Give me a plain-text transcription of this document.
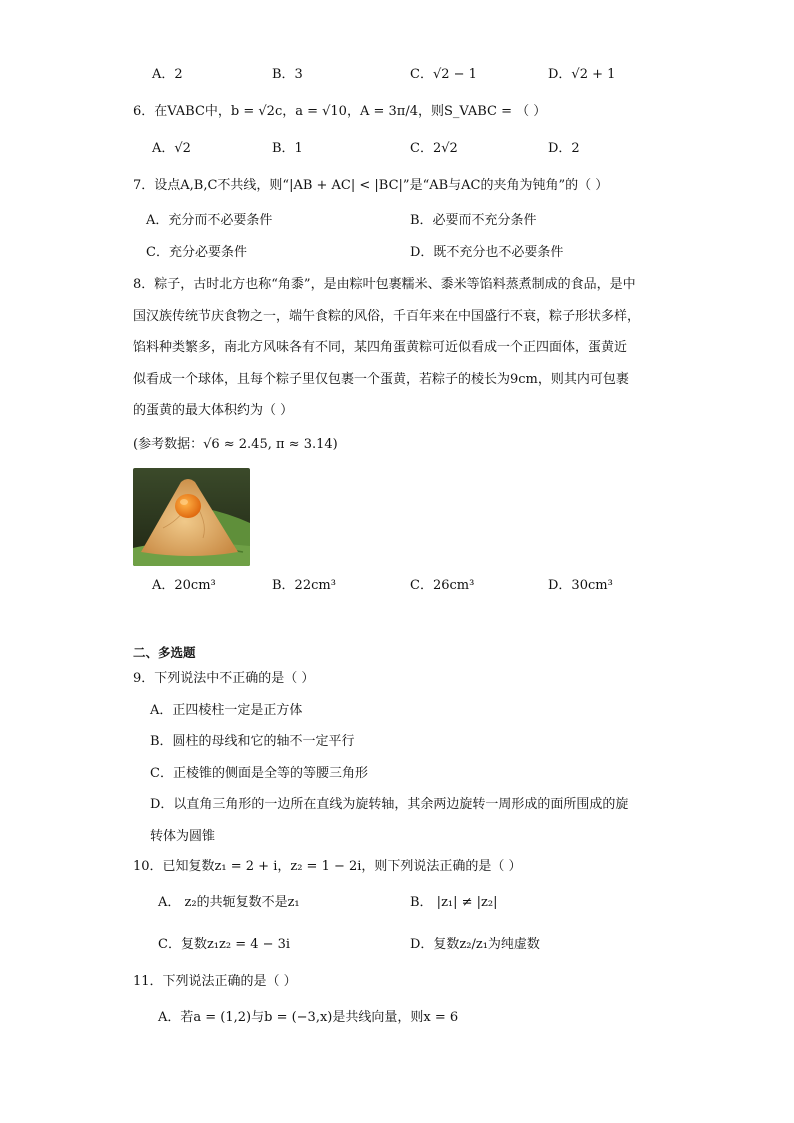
A．2	B．3	C．√2 − 1	D．√2 + 1
6．在VABC中，b = √2c，a = √10，A = 3π/4，则S_VABC = （ ）
A．√2	B．1	C．2√2	D．2
7．设点A,B,C不共线，则“|AB + AC| < |BC|”是“AB与AC的夹角为钝角”的（ ）
A．充分而不必要条件	B．必要而不充分条件
C．充分必要条件	D．既不充分也不必要条件
8．粽子，古时北方也称“角黍”，是由粽叶包裹糯米、黍米等馅料蒸煮制成的食品，是中
国汉族传统节庆食物之一，端午食粽的风俗，千百年来在中国盛行不衰，粽子形状多样，
馅料种类繁多，南北方风味各有不同，某四角蛋黄粽可近似看成一个正四面体，蛋黄近
似看成一个球体，且每个粽子里仅包裹一个蛋黄，若粽子的棱长为9cm，则其内可包裹
的蛋黄的最大体积约为（ ）
(参考数据：√6 ≈ 2.45, π ≈ 3.14)
A．20cm³	B．22cm³	C．26cm³	D．30cm³
二、多选题
9．下列说法中不正确的是（ ）
A．正四棱柱一定是正方体
B．圆柱的母线和它的轴不一定平行
C．正棱锥的侧面是全等的等腰三角形
D．以直角三角形的一边所在直线为旋转轴，其余两边旋转一周形成的面所围成的旋
转体为圆锥
10．已知复数z₁ = 2 + i，z₂ = 1 − 2i，则下列说法正确的是（ ）
A． z₂的共轭复数不是z₁	B． |z₁| ≠ |z₂|
C．复数z₁z₂ = 4 − 3i	D．复数z₂/z₁为纯虚数
11．下列说法正确的是（ ）
A．若a = (1,2)与b = (−3,x)是共线向量，则x = 6
